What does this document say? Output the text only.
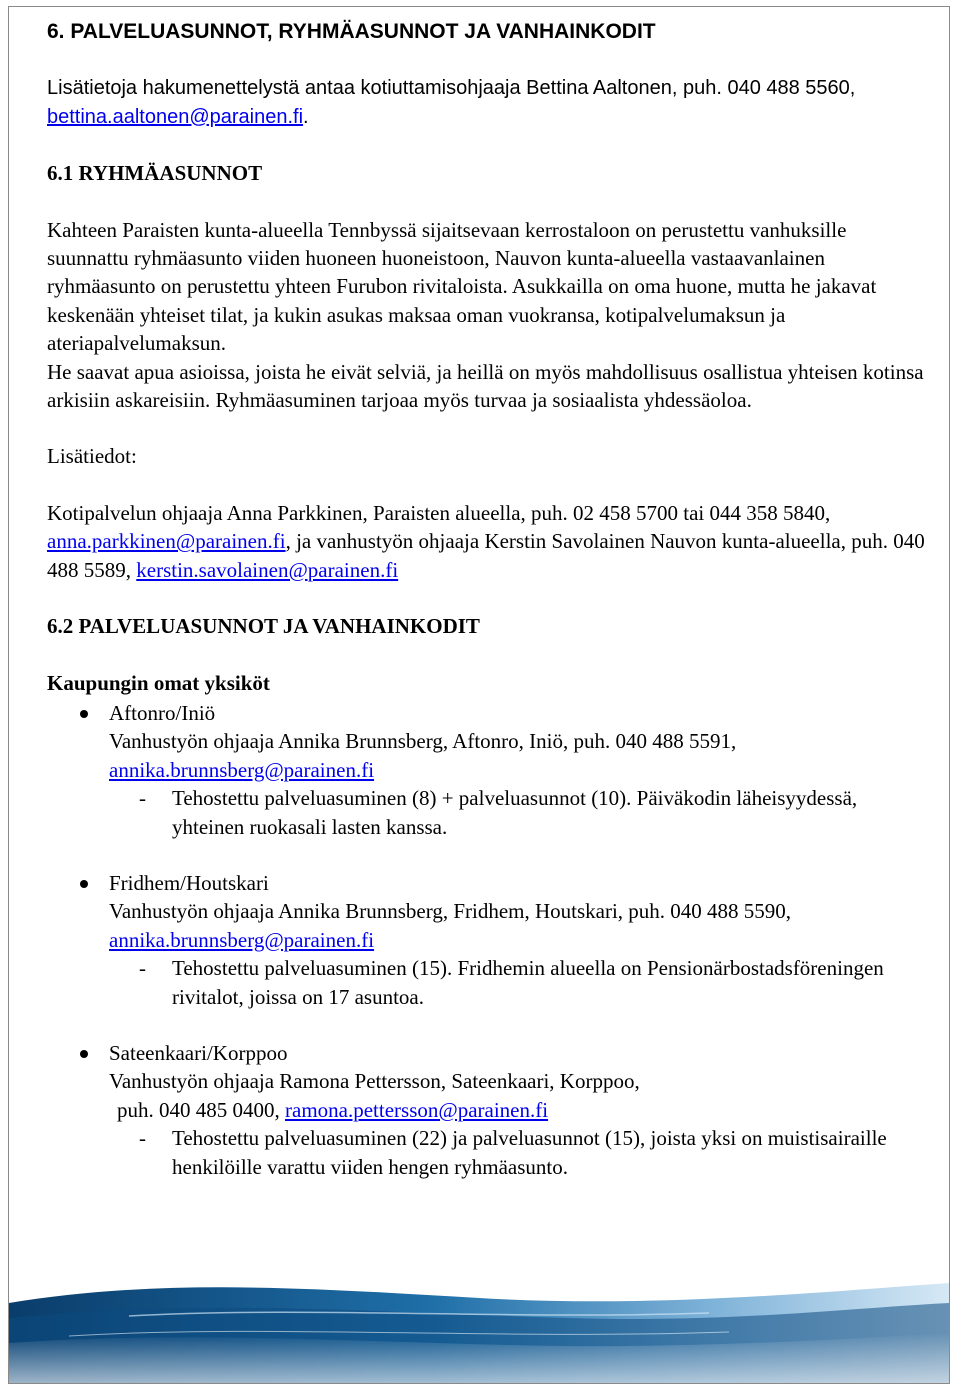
6. PALVELUASUNNOT, RYHMÄASUNNOT JA VANHAINKODIT

Lisätietoja hakumenettelystä antaa kotiuttamisohjaaja Bettina Aaltonen, puh. 040 488 5560, bettina.aaltonen@parainen.fi.

6.1 RYHMÄASUNNOT

Kahteen Paraisten kunta-alueella Tennbyssä sijaitsevaan kerrostaloon on perustettu vanhuksille suunnattu ryhmäasunto viiden huoneen huoneistoon, Nauvon kunta-alueella vastaavanlainen ryhmäasunto on perustettu yhteen Furubon rivitaloista. Asukkailla on oma huone, mutta he jakavat keskenään yhteiset tilat, ja kukin asukas maksaa oman vuokransa, kotipalvelumaksun ja ateriapalvelumaksun.

He saavat apua asioissa, joista he eivät selviä, ja heillä on myös mahdollisuus osallistua yhteisen kotinsa arkisiin askareisiin. Ryhmäasuminen tarjoaa myös turvaa ja sosiaalista yhdessäoloa.

Lisätiedot:

Kotipalvelun ohjaaja Anna Parkkinen, Paraisten alueella, puh. 02 458 5700 tai 044 358 5840, anna.parkkinen@parainen.fi, ja vanhustyön ohjaaja Kerstin Savolainen Nauvon kunta-alueella, puh. 040 488 5589, kerstin.savolainen@parainen.fi

6.2 PALVELUASUNNOT JA VANHAINKODIT

Kaupungin omat yksiköt

Aftonro/Iniö

Vanhustyön ohjaaja Annika Brunnsberg, Aftonro, Iniö, puh. 040 488 5591,

annika.brunnsberg@parainen.fi

- Tehostettu palveluasuminen (8) + palveluasunnot (10). Päiväkodin läheisyydessä, yhteinen ruokasali lasten kanssa.

Fridhem/Houtskari

Vanhustyön ohjaaja Annika Brunnsberg, Fridhem, Houtskari, puh. 040 488 5590,

annika.brunnsberg@parainen.fi

- Tehostettu palveluasuminen (15). Fridhemin alueella on Pensionärbostadsföreningen rivitalot, joissa on 17 asuntoa.

Sateenkaari/Korppoo

Vanhustyön ohjaaja Ramona Pettersson, Sateenkaari, Korppoo,

puh. 040 485 0400, ramona.pettersson@parainen.fi

- Tehostettu palveluasuminen (22) ja palveluasunnot (15), joista yksi on muistisairaille henkilöille varattu viiden hengen ryhmäasunto.
